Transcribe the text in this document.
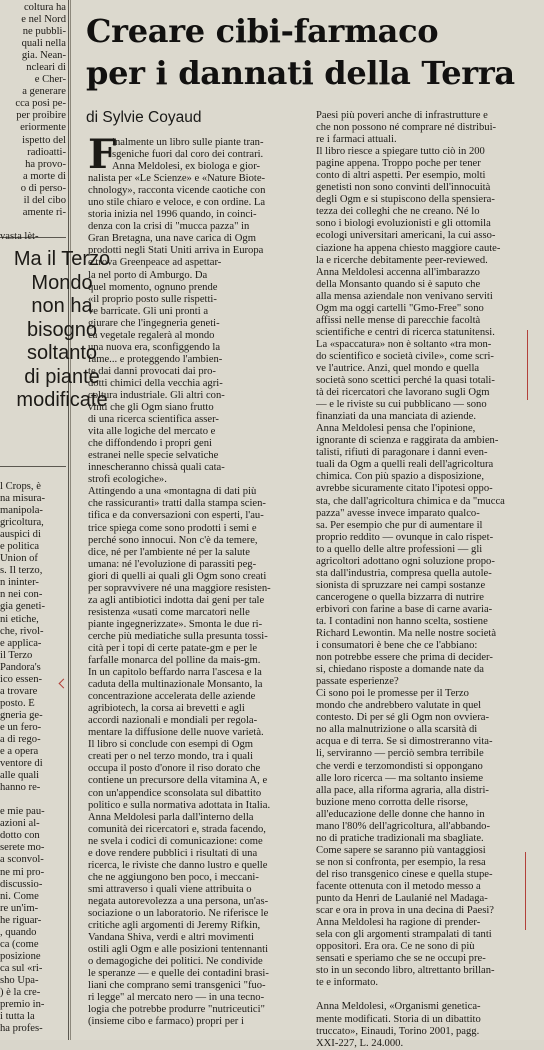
coltura ha
e nel Nord
ne pubbli-
quali nella
gia. Nean-
ncleari di
e Cher-
a generare
cca posi pe-
per proibire
eriormente
ispetto del
radioatti-
ha provo-
a morte di
o di perso-
il del cibo
amente ri-
vasta lèt-
Ma il Terzo
Mondo
non ha
bisogno
soltanto
di piante
modificate
l Crops, è
na misura-
manipola-
gricoltura,
auspici di
e politica
Union of
s. Il terzo,
n ininter-
n nei con-
gia geneti-
ni etiche,
che, rivol-
e applica-
il Terzo
Pandora's
ico essen-
a trovare
posto. È
gneria ge-
e un fero-
a di rego-
e a opera
ventore di
alle quali
hanno re-
e mie pau-
azioni al-
dotto con
serete mo-
a sconvol-
ne mi pro-
discussio-
ni. Come
re un'im-
he riguar-
, quando
ca (come
posizione
ca sul «ri-
sho Upa-
) è la cre-
premio in-
i tutta la
ha profes-
Creare cibi-farmaco
per i dannati della Terra
di Sylvie Coyaud
F
inalmente un libro sulle piante tran-
sgeniche fuori dal coro dei contrari.
Anna Meldolesi, ex biologa e gior-
nalista per «Le Scienze» e «Nature Biote-
chnology», racconta vicende caotiche con
uno stile chiaro e veloce, e con ordine. La
storia inizia nel 1996 quando, in coinci-
denza con la crisi di "mucca pazza" in
Gran Bretagna, una nave carica di Ogm
prodotti negli Stati Uniti arriva in Europa
e trova Greenpeace ad aspettar-
la nel porto di Amburgo. Da
quel momento, ognuno prende
«il proprio posto sulle rispetti-
ve barricate. Gli uni pronti a
giurare che l'ingegneria geneti-
ca vegetale regalerà al mondo
una nuova era, sconfiggendo la
fame... e proteggendo l'ambien-
te dai danni provocati dai pro-
dotti chimici della vecchia agri-
coltura industriale. Gli altri con-
vinti che gli Ogm siano frutto
di una ricerca scientifica asser-
vita alle logiche del mercato e
che diffondendo i propri geni
estranei nelle specie selvatiche
innescheranno chissà quali cata-
strofi ecologiche».
Attingendo a una «montagna di dati più
che rassicuranti» tratti dalla stampa scien-
tifica e da conversazioni con esperti, l'au-
trice spiega come sono prodotti i semi e
perché sono innocui. Non c'è da temere,
dice, né per l'ambiente né per la salute
umana: né l'evoluzione di parassiti peg-
giori di quelli ai quali gli Ogm sono creati
per sopravvivere né una maggiore resisten-
za agli antibiotici indotta dai geni per tale
resistenza «usati come marcatori nelle
piante ingegnerizzate». Smonta le due ri-
cerche più mediatiche sulla presunta tossi-
cità per i topi di certe patate-gm e per le
farfalle monarca del polline da mais-gm.
In un capitolo beffardo narra l'ascesa e la
caduta della multinazionale Monsanto, la
concentrazione accelerata delle aziende
agribiotech, la corsa ai brevetti e agli
accordi nazionali e mondiali per regola-
mentare la diffusione delle nuove varietà.
Il libro si conclude con esempi di Ogm
creati per o nel terzo mondo, tra i quali
occupa il posto d'onore il riso dorato che
contiene un precursore della vitamina A, e
con un'appendice sconsolata sul dibattito
politico e sulla normativa adottata in Italia.
Anna Meldolesi parla dall'interno della
comunità dei ricercatori e, strada facendo,
ne svela i codici di comunicazione: come
e dove rendere pubblici i risultati di una
ricerca, le riviste che danno lustro e quelle
che ne aggiungono ben poco, i meccani-
smi attraverso i quali viene attribuita o
negata autorevolezza a una persona, un'as-
sociazione o un laboratorio. Ne riferisce le
critiche agli argomenti di Jeremy Rifkin,
Vandana Shiva, verdi e altri movimenti
ostili agli Ogm e alle posizioni tentennanti
o demagogiche dei politici. Ne condivide
le speranze — e quelle dei contadini brasi-
liani che comprano semi transgenici "fuo-
ri legge" al mercato nero — in una tecno-
logia che potrebbe produrre "nutriceutici"
(insieme cibo e farmaco) propri per i
Paesi più poveri anche di infrastrutture e
che non possono né comprare né distribui-
re i farmaci attuali.
Il libro riesce a spiegare tutto ciò in 200
pagine appena. Troppo poche per tener
conto di altri aspetti. Per esempio, molti
genetisti non sono convinti dell'innocuità
degli Ogm e si stupiscono della spensiera-
tezza dei colleghi che ne creano. Né lo
sono i biologi evoluzionisti e gli ottomila
ecologi universitari americani, la cui asso-
ciazione ha appena chiesto maggiore caute-
la e ricerche debitamente peer-reviewed.
Anna Meldolesi accenna all'imbarazzo
della Monsanto quando si è saputo che
alla mensa aziendale non venivano serviti
Ogm ma oggi cartelli "Gmo-Free" sono
affissi nelle mense di parecchie facoltà
scientifiche e centri di ricerca statunitensi.
La «spaccatura» non è soltanto «tra mon-
do scientifico e società civile», come scri-
ve l'autrice. Anzi, quel mondo e quella
società sono scettici perché la quasi totali-
tà dei ricercatori che lavorano sugli Ogm
— e le riviste su cui pubblicano — sono
finanziati da una manciata di aziende.
Anna Meldolesi pensa che l'opinione,
ignorante di scienza e raggirata da ambien-
talisti, rifiuti di paragonare i danni even-
tuali da Ogm a quelli reali dell'agricoltura
chimica. Con più spazio a disposizione,
avrebbe sicuramente citato l'ipotesi oppo-
sta, che dall'agricoltura chimica e da "mucca
pazza" avesse invece imparato qualco-
sa. Per esempio che pur di aumentare il
proprio reddito — ovunque in calo rispet-
to a quello delle altre professioni — gli
agricoltori adottano ogni soluzione propo-
sta dall'industria, compresa quella autole-
sionista di spruzzare nei campi sostanze
cancerogene o quella bizzarra di nutrire
erbivori con farine a base di carne avaria-
ta. I contadini non hanno scelta, sostiene
Richard Lewontin. Ma nelle nostre società
i consumatori è bene che ce l'abbiano:
non potrebbe essere che prima di decider-
si, chiedano risposte a domande nate da
passate esperienze?
Ci sono poi le promesse per il Terzo
mondo che andrebbero valutate in quel
contesto. Di per sé gli Ogm non ovviera-
no alla malnutrizione o alla scarsità di
acqua e di terra. Se si dimostreranno vita-
li, serviranno — perciò sembra terribile
che verdi e terzomondisti si oppongano
alle loro ricerca — ma soltanto insieme
alla pace, alla riforma agraria, alla distri-
buzione meno corrotta delle risorse,
all'educazione delle donne che hanno in
mano l'80% dell'agricoltura, all'abbando-
no di pratiche tradizionali ma sbagliate.
Come sapere se saranno più vantaggiosi
se non si confronta, per esempio, la resa
del riso transgenico cinese e quella stupe-
facente ottenuta con il metodo messo a
punto da Henri de Laulanié nel Madaga-
scar e ora in prova in una decina di Paesi?
Anna Meldolesi ha ragione di prender-
sela con gli argomenti strampalati di tanti
oppositori. Era ora. Ce ne sono di più
sensati e speriamo che se ne occupi pre-
sto in un secondo libro, altrettanto brillan-
te e informato.
Anna Meldolesi, «Organismi genetica-
mente modificati. Storia di un dibattito
truccato», Einaudi, Torino 2001, pagg.
XXI-227, L. 24.000.
